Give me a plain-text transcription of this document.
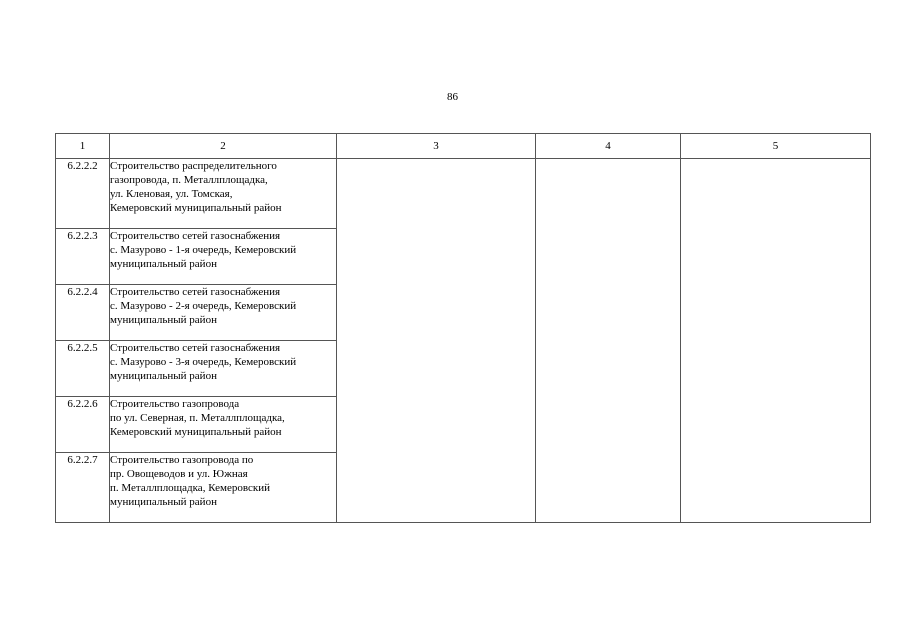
86
1	2	3	4	5
6.2.2.2	Строительство распределительного
газопровода, п. Металлплощадка,
ул. Кленовая, ул. Томская,
Кемеровский муниципальный район			
6.2.2.3	Строительство сетей газоснабжения
с. Мазурово - 1-я очередь, Кемеровский
муниципальный район			
6.2.2.4	Строительство сетей газоснабжения
с. Мазурово - 2-я очередь, Кемеровский
муниципальный район			
6.2.2.5	Строительство сетей газоснабжения
с. Мазурово - 3-я очередь, Кемеровский
муниципальный район			
6.2.2.6	Строительство газопровода
по ул. Северная, п. Металлплощадка,
Кемеровский муниципальный район			
6.2.2.7	Строительство газопровода по
пр. Овощеводов и ул. Южная
п. Металлплощадка, Кемеровский
муниципальный район			
